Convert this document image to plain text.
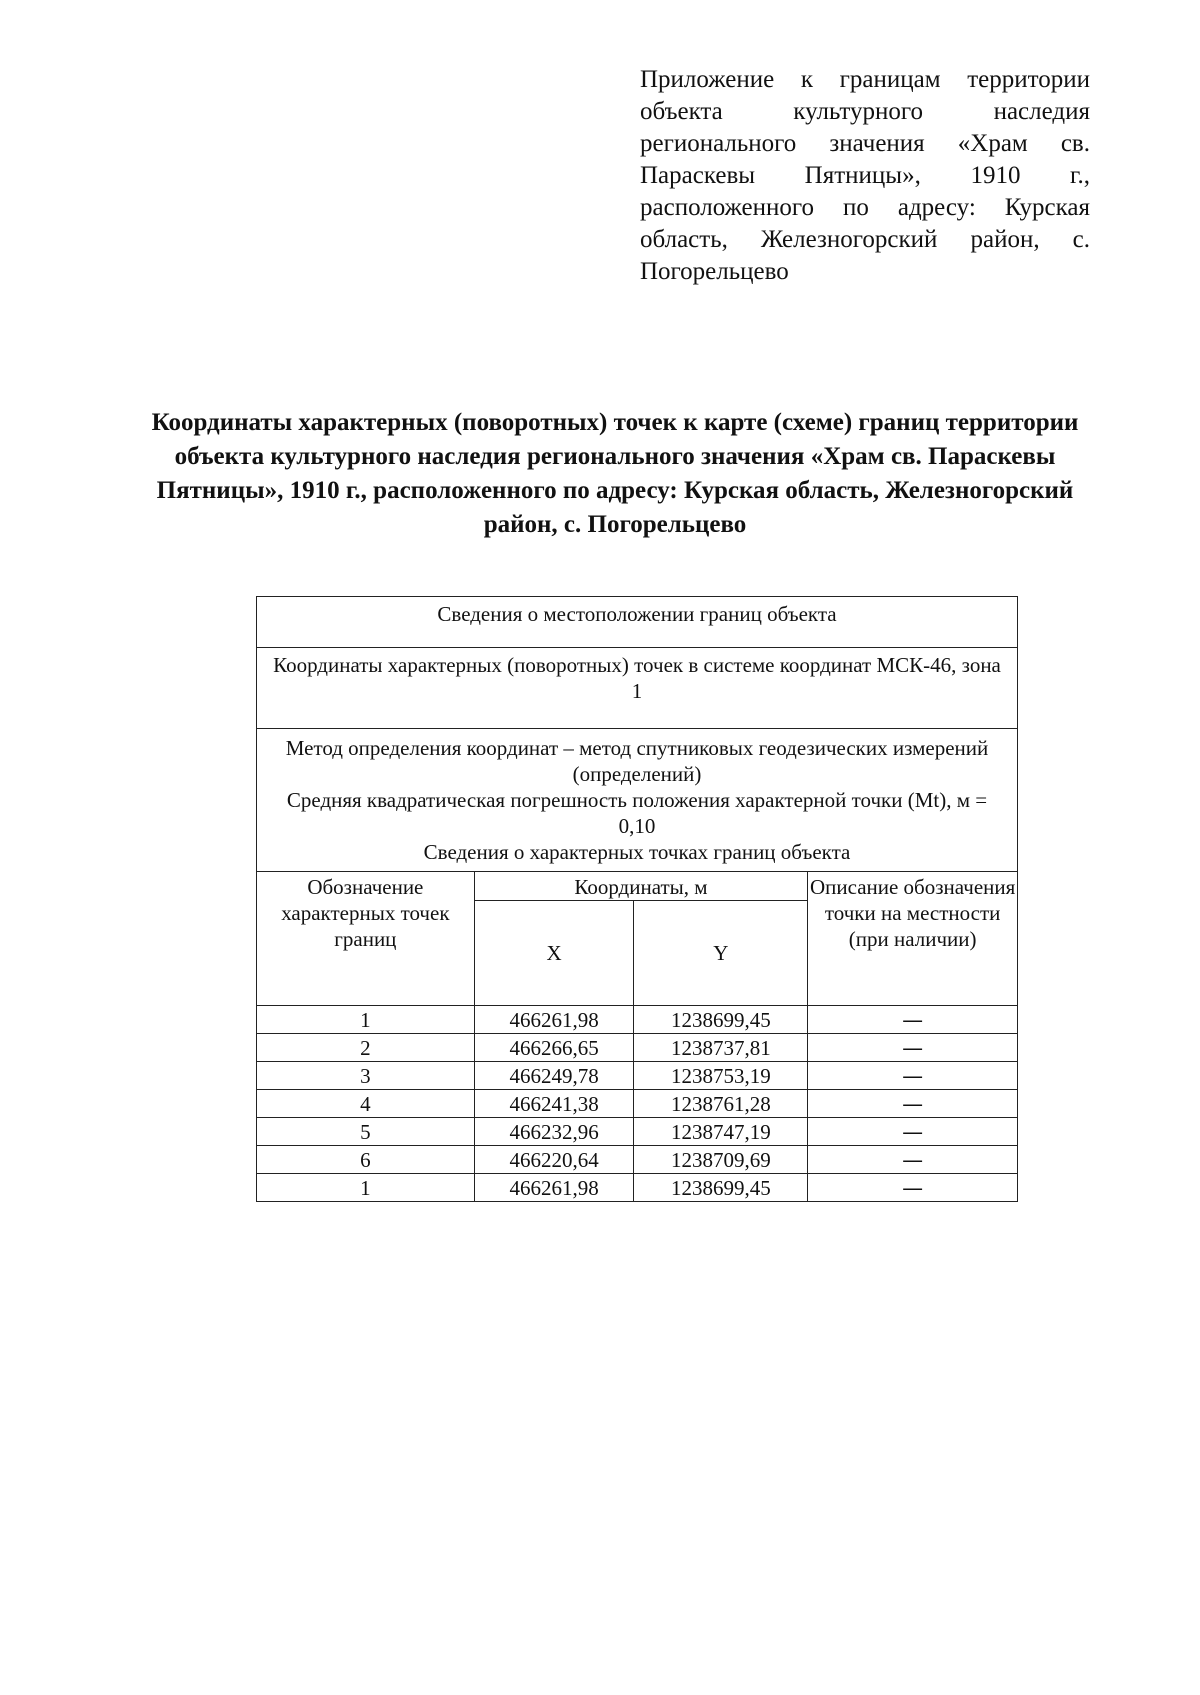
Приложение к границам территории объекта культурного наследия регионального значения «Храм св. Параскевы Пятницы», 1910 г., расположенного по адресу: Курская область, Железногорский район, с. Погорельцево
Координаты характерных (поворотных) точек к карте (схеме) границ территории объекта культурного наследия регионального значения «Храм св. Параскевы Пятницы», 1910 г., расположенного по адресу: Курская область, Железногорский район, с. Погорельцево
Сведения о местоположении границ объекта			
Координаты характерных (поворотных) точек в системе координат МСК-46, зона 1			

Метод определения координат – метод спутниковых геодезических измерений (определений)
Средняя квадратическая погрешность положения характерной точки (Mt), м = 0,10
Сведения о характерных точках границ объекта			

Обозначение характерных точек границ	Координаты, м		Описание обозначения точки на местности (при наличии)
	X	Y	
1	466261,98	1238699,45	—
2	466266,65	1238737,81	—
3	466249,78	1238753,19	—
4	466241,38	1238761,28	—
5	466232,96	1238747,19	—
6	466220,64	1238709,69	—
1	466261,98	1238699,45	—
